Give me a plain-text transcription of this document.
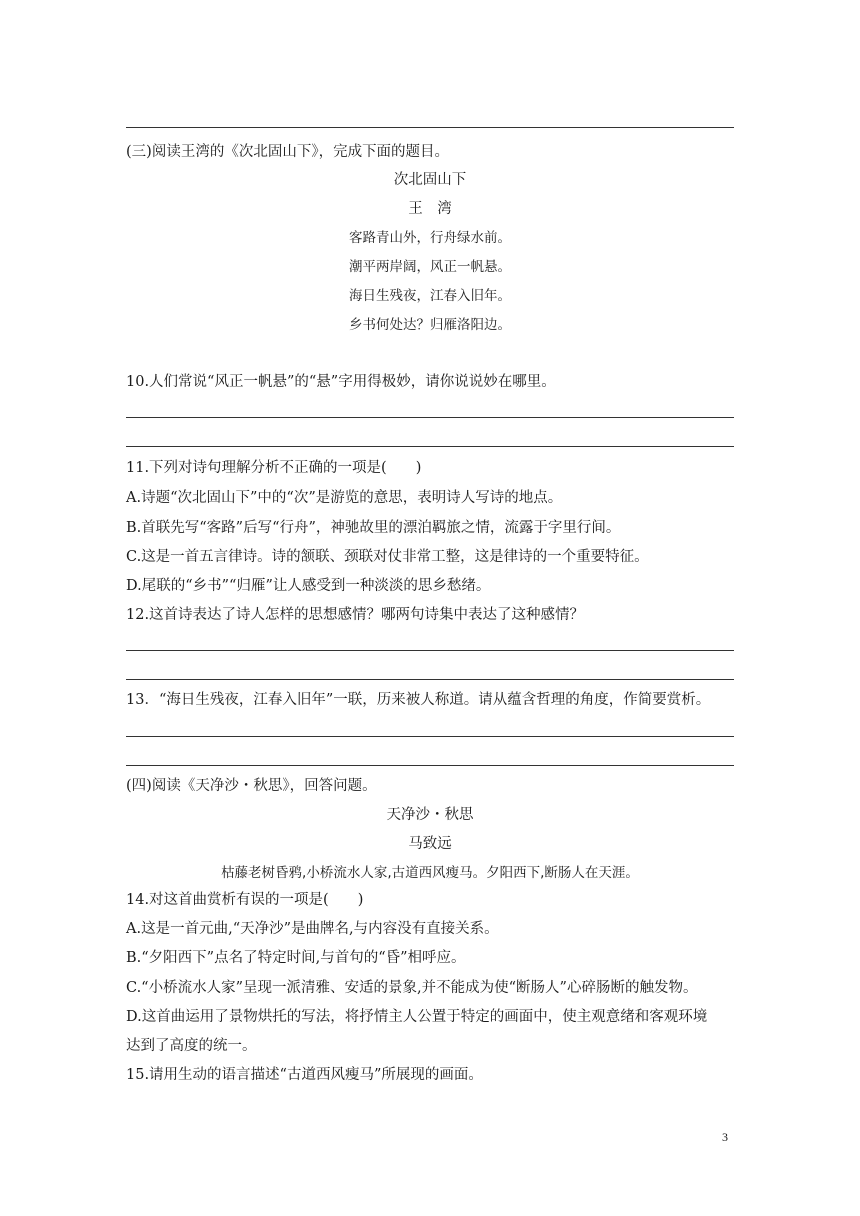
(三)阅读王湾的《次北固山下》，完成下面的题目。
次北固山下
王　湾
客路青山外，行舟绿水前。
潮平两岸阔，风正一帆悬。
海日生残夜，江春入旧年。
乡书何处达？归雁洛阳边。
10.人们常说“风正一帆悬”的“悬”字用得极妙，请你说说妙在哪里。
11.下列对诗句理解分析不正确的一项是(　　)
A.诗题“次北固山下”中的“次”是游览的意思，表明诗人写诗的地点。
B.首联先写“客路”后写“行舟”，神驰故里的漂泊羁旅之情，流露于字里行间。
C.这是一首五言律诗。诗的颔联、颈联对仗非常工整，这是律诗的一个重要特征。
D.尾联的“乡书”“归雁”让人感受到一种淡淡的思乡愁绪。
12.这首诗表达了诗人怎样的思想感情？哪两句诗集中表达了这种感情？
13．“海日生残夜，江春入旧年”一联，历来被人称道。请从蕴含哲理的角度，作简要赏析。
(四)阅读《天净沙・秋思》，回答问题。
天净沙・秋思
马致远
枯藤老树昏鸦,小桥流水人家,古道西风瘦马。夕阳西下,断肠人在天涯。
14.对这首曲赏析有误的一项是(　　)
A.这是一首元曲,“天净沙”是曲牌名,与内容没有直接关系。
B.“夕阳西下”点名了特定时间,与首句的“昏”相呼应。
C.“小桥流水人家”呈现一派清雅、安适的景象,并不能成为使“断肠人”心碎肠断的触发物。
D.这首曲运用了景物烘托的写法，将抒情主人公置于特定的画面中，使主观意绪和客观环境
达到了高度的统一。
15.请用生动的语言描述“古道西风瘦马”所展现的画面。
3
